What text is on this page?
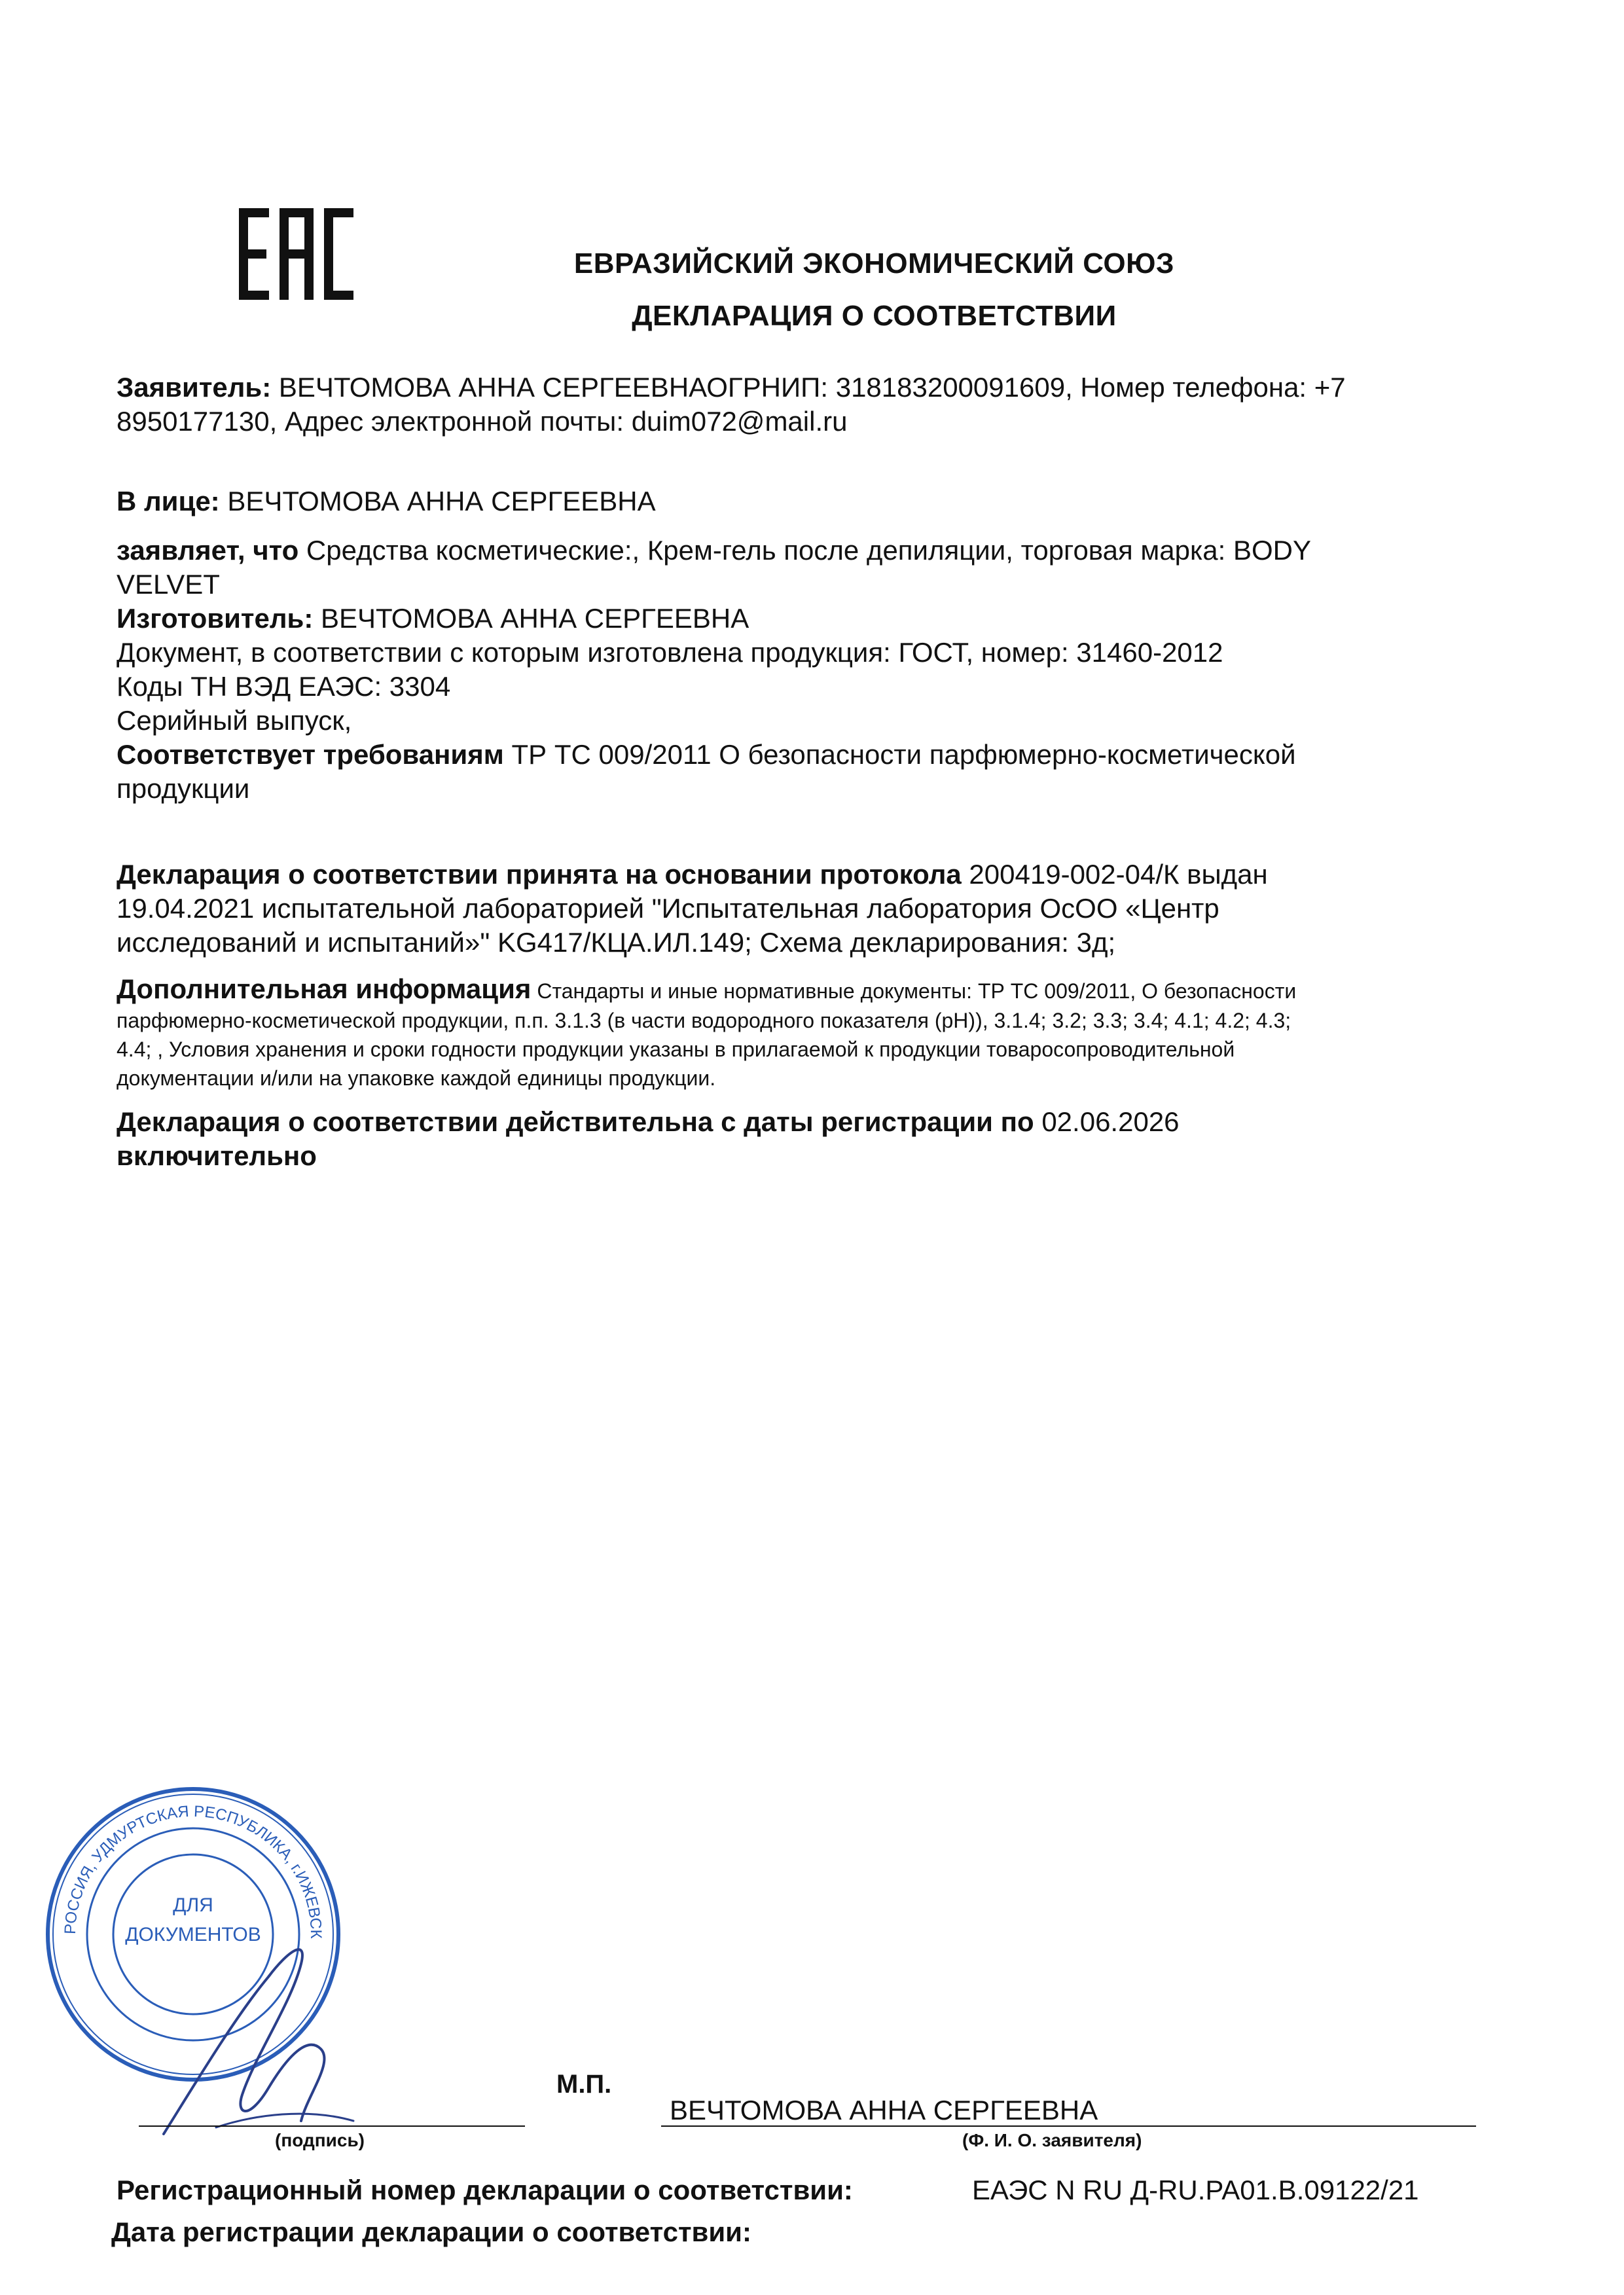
ЕВРАЗИЙСКИЙ ЭКОНОМИЧЕСКИЙ СОЮЗ
ДЕКЛАРАЦИЯ О СООТВЕТСТВИИ
Заявитель: ВЕЧТОМОВА АННА СЕРГЕЕВНАОГРНИП: 318183200091609, Номер телефона: +7
8950177130, Адрес электронной почты: duim072@mail.ru
В лице: ВЕЧТОМОВА АННА СЕРГЕЕВНА
заявляет, что Средства косметические:, Крем-гель после депиляции, торговая марка: BODY
VELVET
Изготовитель: ВЕЧТОМОВА АННА СЕРГЕЕВНА
Документ, в соответствии с которым изготовлена продукция: ГОСТ, номер: 31460-2012
Коды ТН ВЭД ЕАЭС: 3304
Серийный выпуск,
Соответствует требованиям ТР ТС 009/2011 О безопасности парфюмерно-косметической
продукции
Декларация о соответствии принята на основании протокола 200419-002-04/К выдан
19.04.2021 испытательной лабораторией "Испытательная лаборатория ОсОО «Центр
исследований и испытаний»" KG417/КЦА.ИЛ.149; Схема декларирования: 3д;
Дополнительная информация Стандарты и иные нормативные документы: ТР ТС 009/2011, О безопасности
парфюмерно-косметической продукции, п.п. 3.1.3 (в части водородного показателя (pH)), 3.1.4; 3.2; 3.3; 3.4; 4.1; 4.2; 4.3;
4.4; , Условия хранения и сроки годности продукции указаны в прилагаемой к продукции товаросопроводительной
документации и/или на упаковке каждой единицы продукции.
Декларация о соответствии действительна с даты регистрации по 02.06.2026
включительно
РОССИЯ, УДМУРТСКАЯ РЕСПУБЛИКА, г.ИЖЕВСК
ДЛЯ
ДОКУМЕНТОВ
М.П.
ВЕЧТОМОВА АННА СЕРГЕЕВНА
(подпись)	(Ф. И. О. заявителя)
Регистрационный номер декларации о соответствии:	ЕАЭС N RU Д-RU.PA01.B.09122/21
Дата регистрации декларации о соответствии:
